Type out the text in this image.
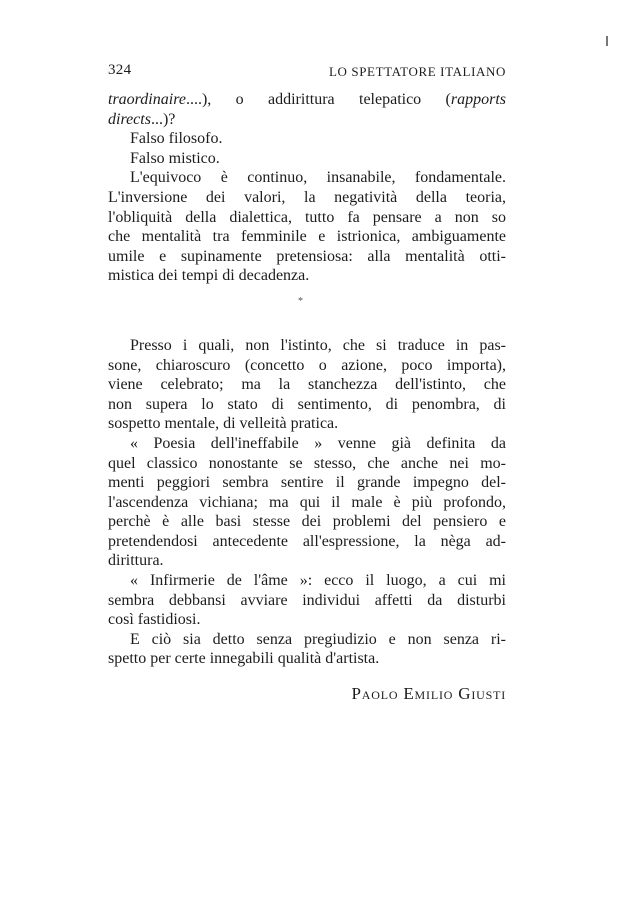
324	LO SPETTATORE ITALIANO
traordinaire....), o addirittura telepatico (rapports
directs...)?
Falso filosofo.
Falso mistico.
L'equivoco è continuo, insanabile, fondamentale.
L'inversione dei valori, la negatività della teoria,
l'obliquità della dialettica, tutto fa pensare a non so
che mentalità tra femminile e istrionica, ambiguamente
umile e supinamente pretensiosa: alla mentalità otti-
mistica dei tempi di decadenza.
*
Presso i quali, non l'istinto, che si traduce in pas-
sone, chiaroscuro (concetto o azione, poco importa),
viene celebrato; ma la stanchezza dell'istinto, che
non supera lo stato di sentimento, di penombra, di
sospetto mentale, di velleità pratica.
« Poesia dell'ineffabile » venne già definita da
quel classico nonostante se stesso, che anche nei mo-
menti peggiori sembra sentire il grande impegno del-
l'ascendenza vichiana; ma qui il male è più profondo,
perchè è alle basi stesse dei problemi del pensiero e
pretendendosi antecedente all'espressione, la nèga ad-
dirittura.
« Infirmerie de l'âme »: ecco il luogo, a cui mi
sembra debbansi avviare individui affetti da disturbi
così fastidiosi.
E ciò sia detto senza pregiudizio e non senza ri-
spetto per certe innegabili qualità d'artista.
Paolo Emilio Giusti
